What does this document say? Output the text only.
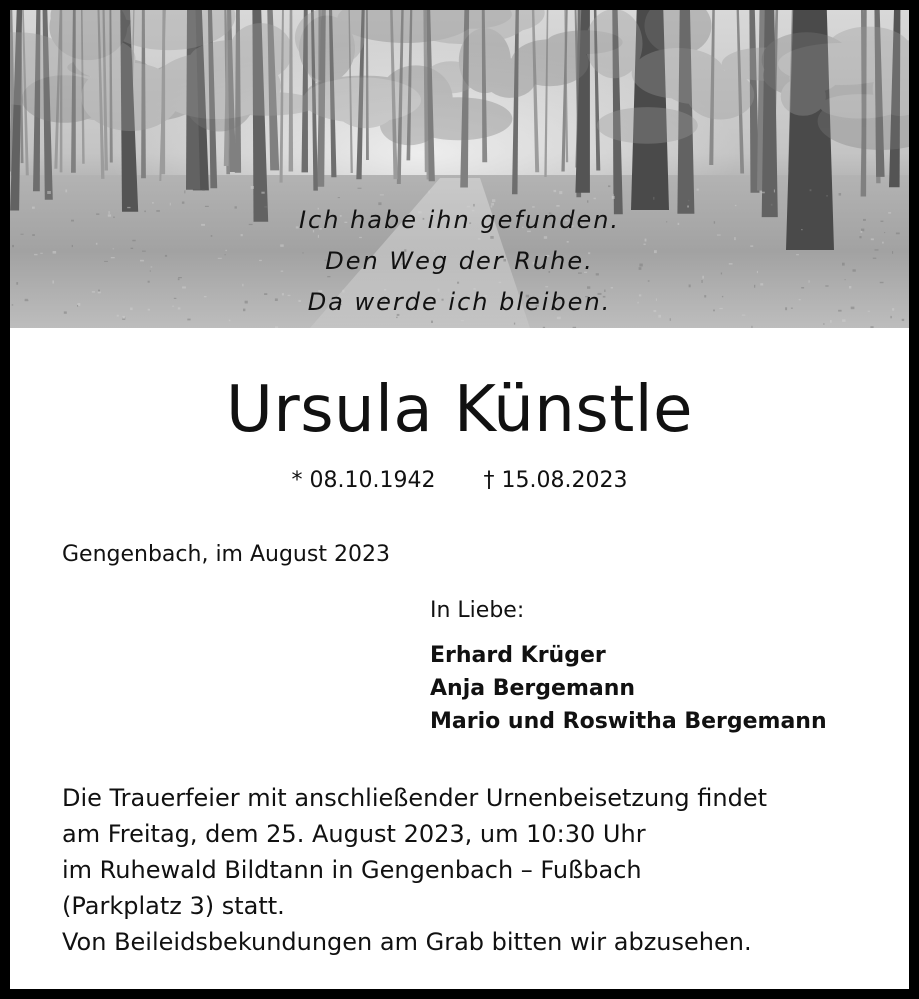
Ich habe ihn gefunden.
Den Weg der Ruhe.
Da werde ich bleiben.
Ursula Künstle
* 08.10.1942 † 15.08.2023
Gengenbach, im August 2023
In Liebe:
Erhard Krüger
Anja Bergemann
Mario und Roswitha Bergemann
Die Trauerfeier mit anschließender Urnenbeisetzung findet
am Freitag, dem 25. August 2023, um 10:30 Uhr
im Ruhewald Bildtann in Gengenbach – Fußbach
(Parkplatz 3) statt.
Von Beileidsbekundungen am Grab bitten wir abzusehen.
